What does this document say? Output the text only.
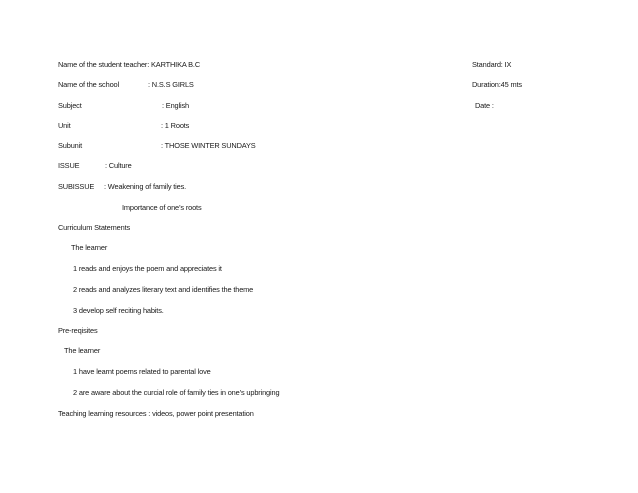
Name of the student teacher: KARTHIKA B.C	Standard: IX
Name of the school	: N.S.S GIRLS	Duration:45 mts
Subject	: English	Date :
Unit	: 1 Roots
Subunit	: THOSE WINTER SUNDAYS
ISSUE	: Culture
SUBISSUE : Weakening of family ties.
Importance of one’s roots
Curriculum Statements
The learner
1 reads and enjoys the poem and appreciates it
2 reads and analyzes literary text and identifies the theme
3 develop self reciting habits.
Pre-reqisites
The learner
1 have learnt poems related to parental love
2 are aware about the curcial role of family ties in one’s upbringing
Teaching learning resources : videos, power point presentation
